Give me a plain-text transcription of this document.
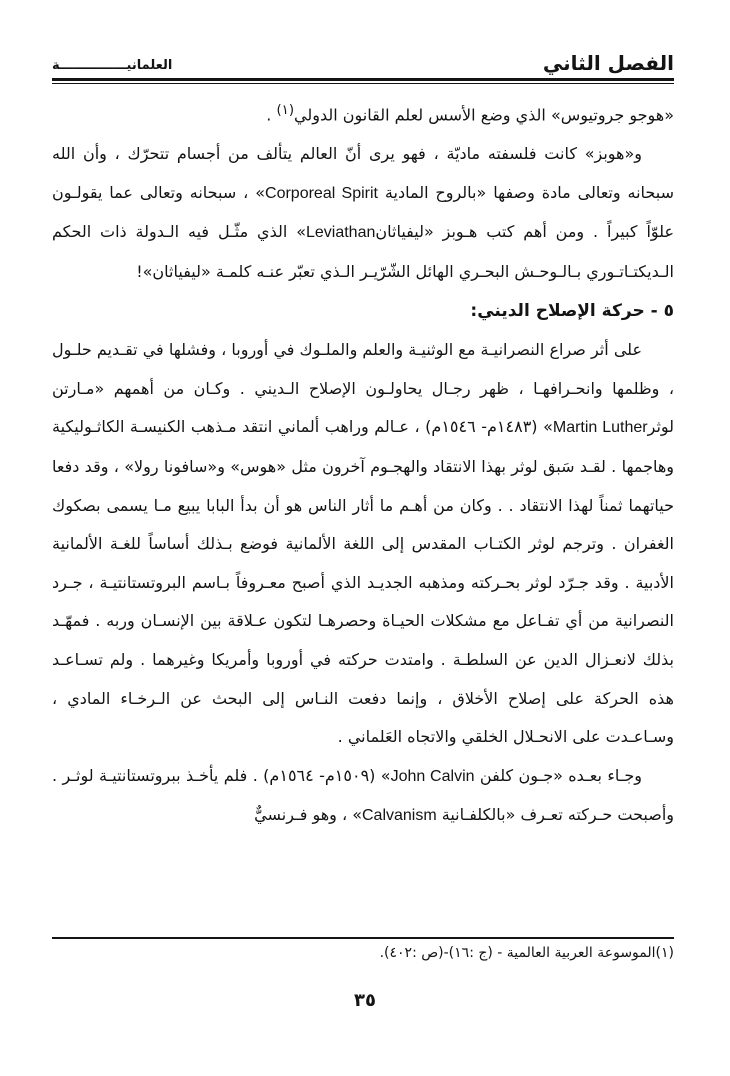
الفصل الثاني
العلمانيـــــــــــــــة

«هوجو جروتيوس» الذي وضع الأسس لعلم القانون الدولي$^{(١)}$ .

و«هوبز» كانت فلسفته ماديّة ، فهو يرى أنّ العالم يتألف من أجسام تتحرّك ، وأن الله سبحانه وتعالى مادة وصفها «بالروح المادية Corporeal Spirit» ، سبحانه وتعالى عما يقولـون علوّاً كبيراً . ومن أهم كتب هـوبز «ليفياثانLeviathan» الذي مثّـل فيه الـدولة ذات الحكم الـديكتـاتـوري بـالـوحـش البحـري الهائل الشّرّيـر الـذي تعبّر عنـه كلمـة «ليفياثان»!

٥ - حركة الإصلاح الديني:

على أثر صراع النصرانيـة مع الوثنيـة والعلم والملـوك في أوروبا ، وفشلها في تقـديم حلـول ، وظلمها وانحـرافهـا ، ظهر رجـال يحاولـون الإصلاح الـديني . وكـان من أهمهم «مـارتن لوثرMartin Luther» (١٤٨٣م- ١٥٤٦م) ، عـالم وراهب ألماني انتقد مـذهب الكنيسـة الكاثـوليكية وهاجمها . لقـد سَبق لوثر بهذا الانتقاد والهجـوم آخرون مثل «هوس» و«سافونا رولا» ، وقد دفعا حياتهما ثمناً لهذا الانتقاد . . وكان من أهـم ما أثار الناس هو أن بدأ البابا يبيع مـا يسمى بصكوك الغفران . وترجم لوثر الكتـاب المقدس إلى اللغة الألمانية فوضع بـذلك أساساً للغـة الألمانية الأدبية . وقد جـرّد لوثر بحـركته ومذهبه الجديـد الذي أصبح معـروفاً بـاسم البروتستانتيـة ، جـرد النصرانية من أي تفـاعل مع مشكلات الحيـاة وحصرهـا لتكون عـلاقة بين الإنسـان وربه . فمهّـد بذلك لانعـزال الدين عن السلطـة . وامتدت حركته في أوروبا وأمريكا وغيرهما . ولم تسـاعـد هذه الحركة على إصلاح الأخلاق ، وإنما دفعت النـاس إلى البحث عن الـرخـاء المادي ، وسـاعـدت على الانحـلال الخلقي والاتجاه العَلماني .

وجـاء بعـده «جـون كلفن John Calvin» (١٥٠٩م- ١٥٦٤م) . فلم يأخـذ ببروتستانتيـة لوثـر . وأصبحت حـركته تعـرف «بالكلفـانية Calvanism» ، وهو فـرنسيٌّ

(١)الموسوعة العربية العالمية - (ج :١٦)-(ص :٤٠٢).
٣٥
